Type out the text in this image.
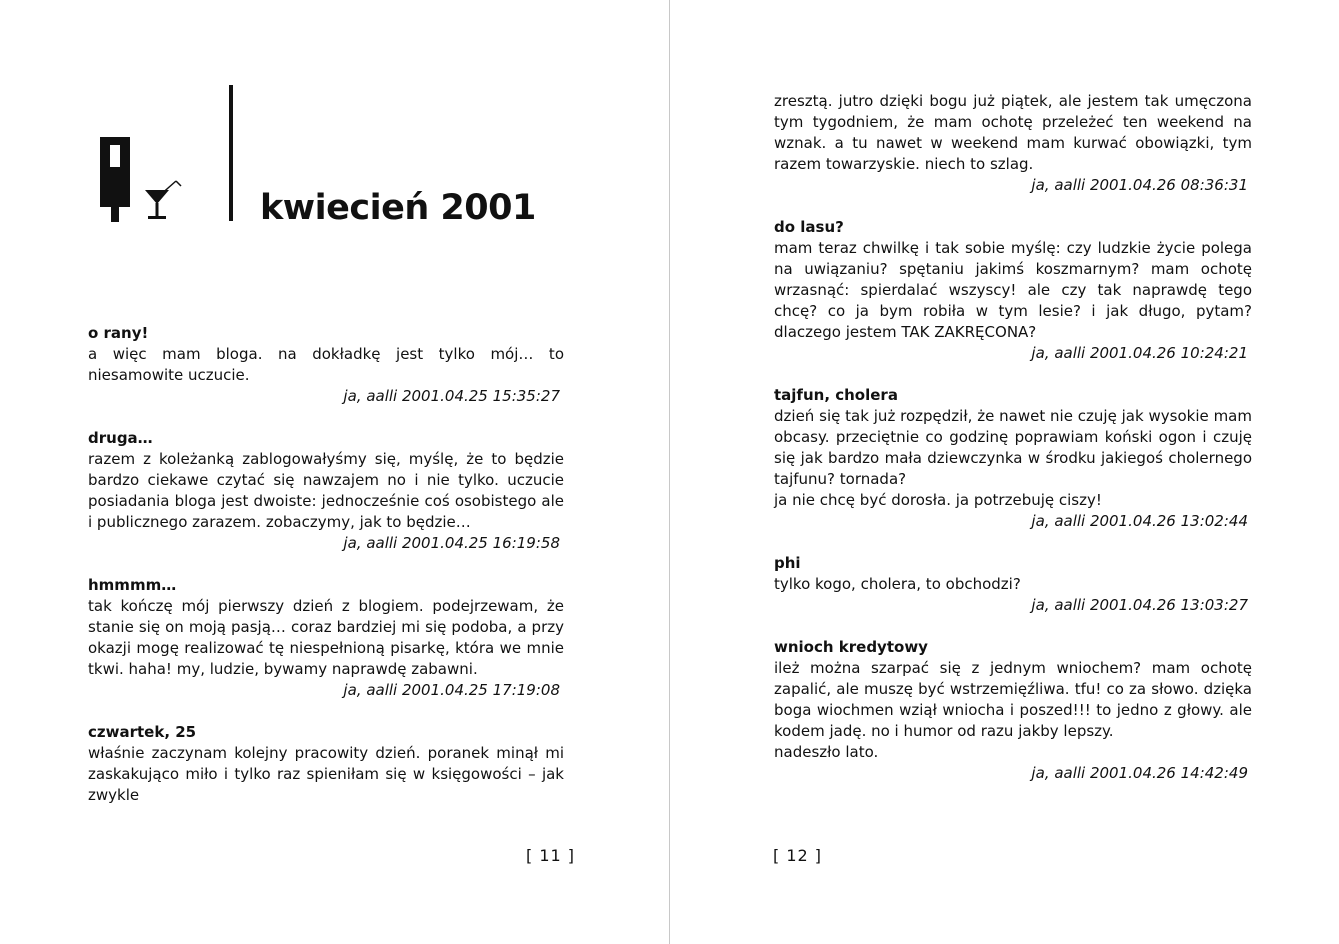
kwiecień 2001
o rany!
a więc mam bloga. na dokładkę jest tylko mój… to niesamowite uczucie.
ja, aalli 2001.04.25 15:35:27
druga…
razem z koleżanką zablogowałyśmy się, myślę, że to będzie bardzo ciekawe czytać się nawzajem no i nie tylko. uczucie posiadania bloga jest dwoiste: jednocześnie coś osobistego ale i publicznego zarazem. zobaczymy, jak to będzie…
ja, aalli 2001.04.25 16:19:58
hmmmm…
tak kończę mój pierwszy dzień z blogiem. podejrzewam, że stanie się on moją pasją… coraz bardziej mi się podoba, a przy okazji mogę realizować tę niespełnioną pisarkę, która we mnie tkwi. haha! my, ludzie, bywamy naprawdę zabawni.
ja, aalli 2001.04.25 17:19:08
czwartek, 25
właśnie zaczynam kolejny pracowity dzień. poranek minął mi zaskakująco miło i tylko raz spieniłam się w księgowości – jak zwykle
[ 11 ]
zresztą. jutro dzięki bogu już piątek, ale jestem tak umęczona tym tygodniem, że mam ochotę przeleżeć ten weekend na wznak. a tu nawet w weekend mam kurwać obowiązki, tym razem towarzyskie. niech to szlag.
ja, aalli 2001.04.26 08:36:31
do lasu?
mam teraz chwilkę i tak sobie myślę: czy ludzkie życie polega na uwiązaniu? spętaniu jakimś koszmarnym? mam ochotę wrzasnąć: spierdalać wszyscy! ale czy tak naprawdę tego chcę? co ja bym robiła w tym lesie? i jak długo, pytam? dlaczego jestem TAK ZAKRĘCONA?
ja, aalli 2001.04.26 10:24:21
tajfun, cholera
dzień się tak już rozpędził, że nawet nie czuję jak wysokie mam obcasy. przeciętnie co godzinę poprawiam koński ogon i czuję się jak bardzo mała dziewczynka w środku jakiegoś cholernego tajfunu? tornada?
ja nie chcę być dorosła. ja potrzebuję ciszy!
ja, aalli 2001.04.26 13:02:44
phi
tylko kogo, cholera, to obchodzi?
ja, aalli 2001.04.26 13:03:27
wnioch kredytowy
ileż można szarpać się z jednym wniochem? mam ochotę zapalić, ale muszę być wstrzemięźliwa. tfu! co za słowo. dzięka boga wiochmen wziął wniocha i poszed!!! to jedno z głowy. ale kodem jadę. no i humor od razu jakby lepszy.
nadeszło lato.
ja, aalli 2001.04.26 14:42:49
[ 12 ]
